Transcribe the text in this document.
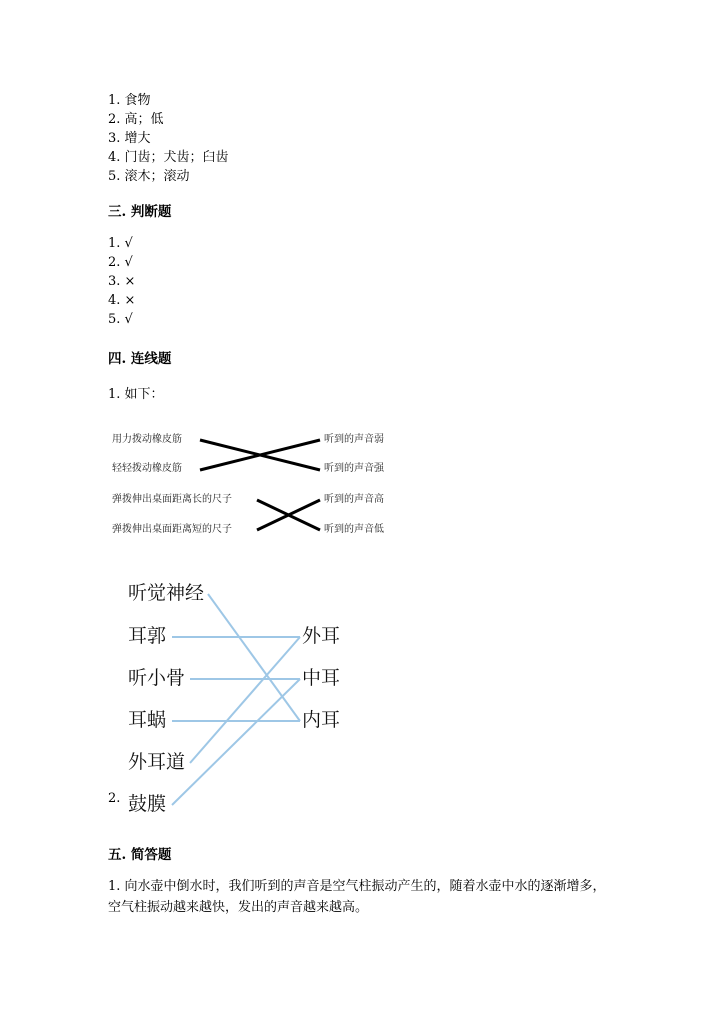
1. 食物
2. 高；低
3. 增大
4. 门齿；犬齿；臼齿
5. 滚木；滚动
三. 判断题
1. √
2. √
3. ×
4. ×
5. √
四. 连线题
1. 如下：
用力拨动橡皮筋
轻轻拨动橡皮筋
弹拨伸出桌面距离长的尺子
弹拨伸出桌面距离短的尺子
听到的声音弱
听到的声音强
听到的声音高
听到的声音低
听觉神经
耳郭
听小骨
耳蜗
外耳道
鼓膜
外耳
中耳
内耳
2.
五. 简答题
1. 向水壶中倒水时，我们听到的声音是空气柱振动产生的，随着水壶中水的逐渐增多，空气柱振动越来越快，发出的声音越来越高。
